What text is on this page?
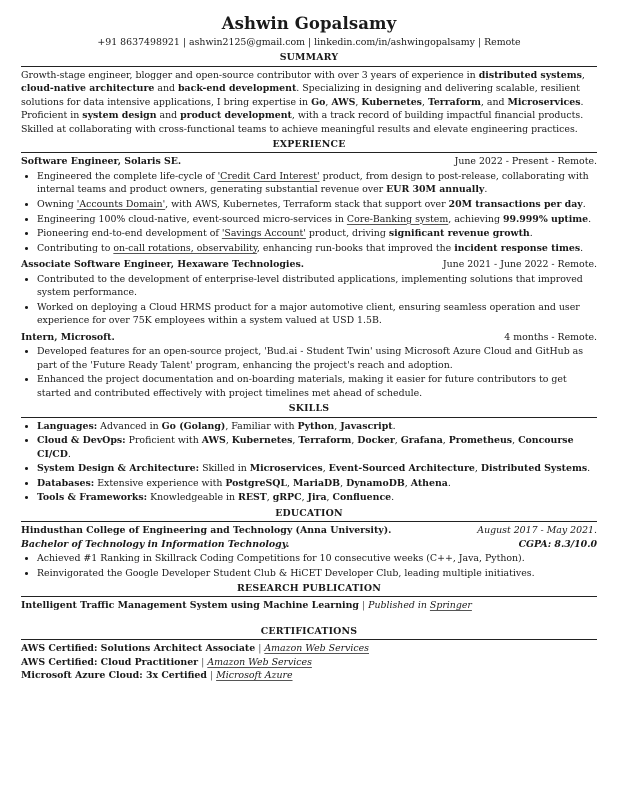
Ashwin Gopalsamy
+91 8637498921 | ashwin2125@gmail.com | linkedin.com/in/ashwingopalsamy | Remote
SUMMARY
Growth-stage engineer, blogger and open-source contributor with over 3 years of experience in distributed systems, cloud-native architecture and back-end development. Specializing in designing and delivering scalable, resilient solutions for data intensive applications, I bring expertise in Go, AWS, Kubernetes, Terraform, and Microservices. Proficient in system design and product development, with a track record of building impactful financial products. Skilled at collaborating with cross-functional teams to achieve meaningful results and elevate engineering practices.
EXPERIENCE
Software Engineer, Solaris SE.	June 2022 - Present - Remote.
• Engineered the complete life-cycle of 'Credit Card Interest' product, from design to post-release, collaborating with internal teams and product owners, generating substantial revenue over EUR 30M annually.
• Owning 'Accounts Domain', with AWS, Kubernetes, Terraform stack that support over 20M transactions per day.
• Engineering 100% cloud-native, event-sourced micro-services in Core-Banking system, achieving 99.999% uptime.
• Pioneering end-to-end development of 'Savings Account' product, driving significant revenue growth.
• Contributing to on-call rotations, observability, enhancing run-books that improved the incident response times.
Associate Software Engineer, Hexaware Technologies.	June 2021 - June 2022 - Remote.
• Contributed to the development of enterprise-level distributed applications, implementing solutions that improved system performance.
• Worked on deploying a Cloud HRMS product for a major automotive client, ensuring seamless operation and user experience for over 75K employees within a system valued at USD 1.5B.
Intern, Microsoft.	4 months - Remote.
• Developed features for an open-source project, 'Bud.ai - Student Twin' using Microsoft Azure Cloud and GitHub as part of the 'Future Ready Talent' program, enhancing the project's reach and adoption.
• Enhanced the project documentation and on-boarding materials, making it easier for future contributors to get started and contributed effectively with project timelines met ahead of schedule.
SKILLS
• Languages: Advanced in Go (Golang), Familiar with Python, Javascript.
• Cloud & DevOps: Proficient with AWS, Kubernetes, Terraform, Docker, Grafana, Prometheus, Concourse CI/CD.
• System Design & Architecture: Skilled in Microservices, Event-Sourced Architecture, Distributed Systems.
• Databases: Extensive experience with PostgreSQL, MariaDB, DynamoDB, Athena.
• Tools & Frameworks: Knowledgeable in REST, gRPC, Jira, Confluence.
EDUCATION
Hindusthan College of Engineering and Technology (Anna University).	August 2017 - May 2021.
Bachelor of Technology in Information Technology.	CGPA: 8.3/10.0
• Achieved #1 Ranking in Skillrack Coding Competitions for 10 consecutive weeks (C++, Java, Python).
• Reinvigorated the Google Developer Student Club & HiCET Developer Club, leading multiple initiatives.
RESEARCH PUBLICATION
Intelligent Traffic Management System using Machine Learning | Published in Springer
CERTIFICATIONS
AWS Certified: Solutions Architect Associate | Amazon Web Services
AWS Certified: Cloud Practitioner | Amazon Web Services
Microsoft Azure Cloud: 3x Certified | Microsoft Azure
